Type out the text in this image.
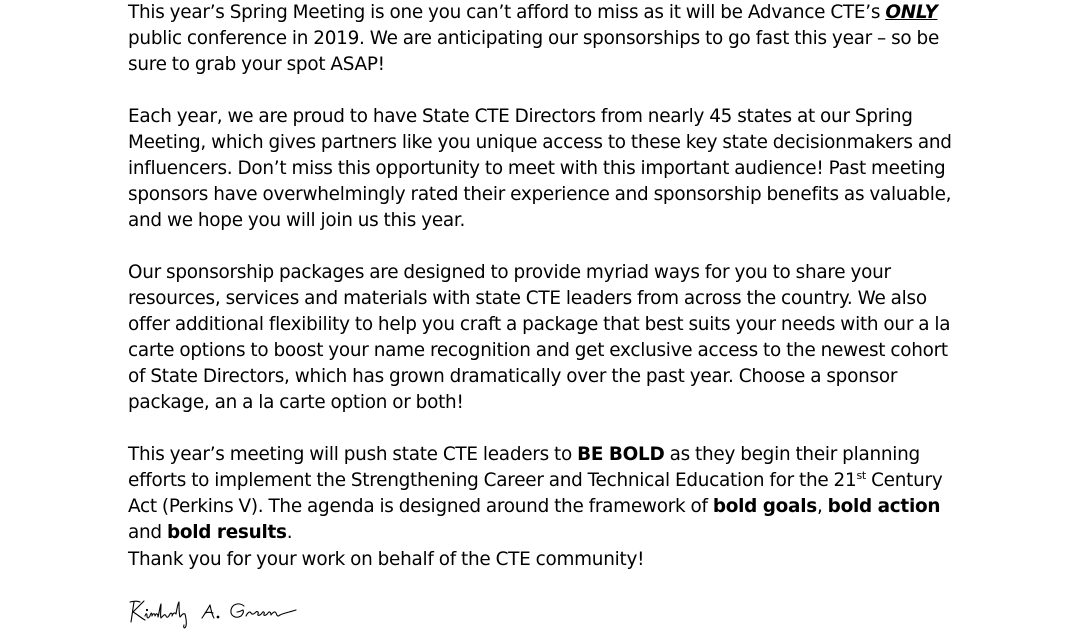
This year’s Spring Meeting is one you can’t afford to miss as it will be Advance CTE’s ONLY public conference in 2019. We are anticipating our sponsorships to go fast this year – so be sure to grab your spot ASAP!

Each year, we are proud to have State CTE Directors from nearly 45 states at our Spring Meeting, which gives partners like you unique access to these key state decisionmakers and influencers. Don’t miss this opportunity to meet with this important audience! Past meeting sponsors have overwhelmingly rated their experience and sponsorship benefits as valuable, and we hope you will join us this year.

Our sponsorship packages are designed to provide myriad ways for you to share your resources, services and materials with state CTE leaders from across the country. We also offer additional flexibility to help you craft a package that best suits your needs with our a la carte options to boost your name recognition and get exclusive access to the newest cohort of State Directors, which has grown dramatically over the past year. Choose a sponsor package, an a la carte option or both!

This year’s meeting will push state CTE leaders to BE BOLD as they begin their planning efforts to implement the Strengthening Career and Technical Education for the 21st Century Act (Perkins V). The agenda is designed around the framework of bold goals, bold action and bold results.

Thank you for your work on behalf of the CTE community!
